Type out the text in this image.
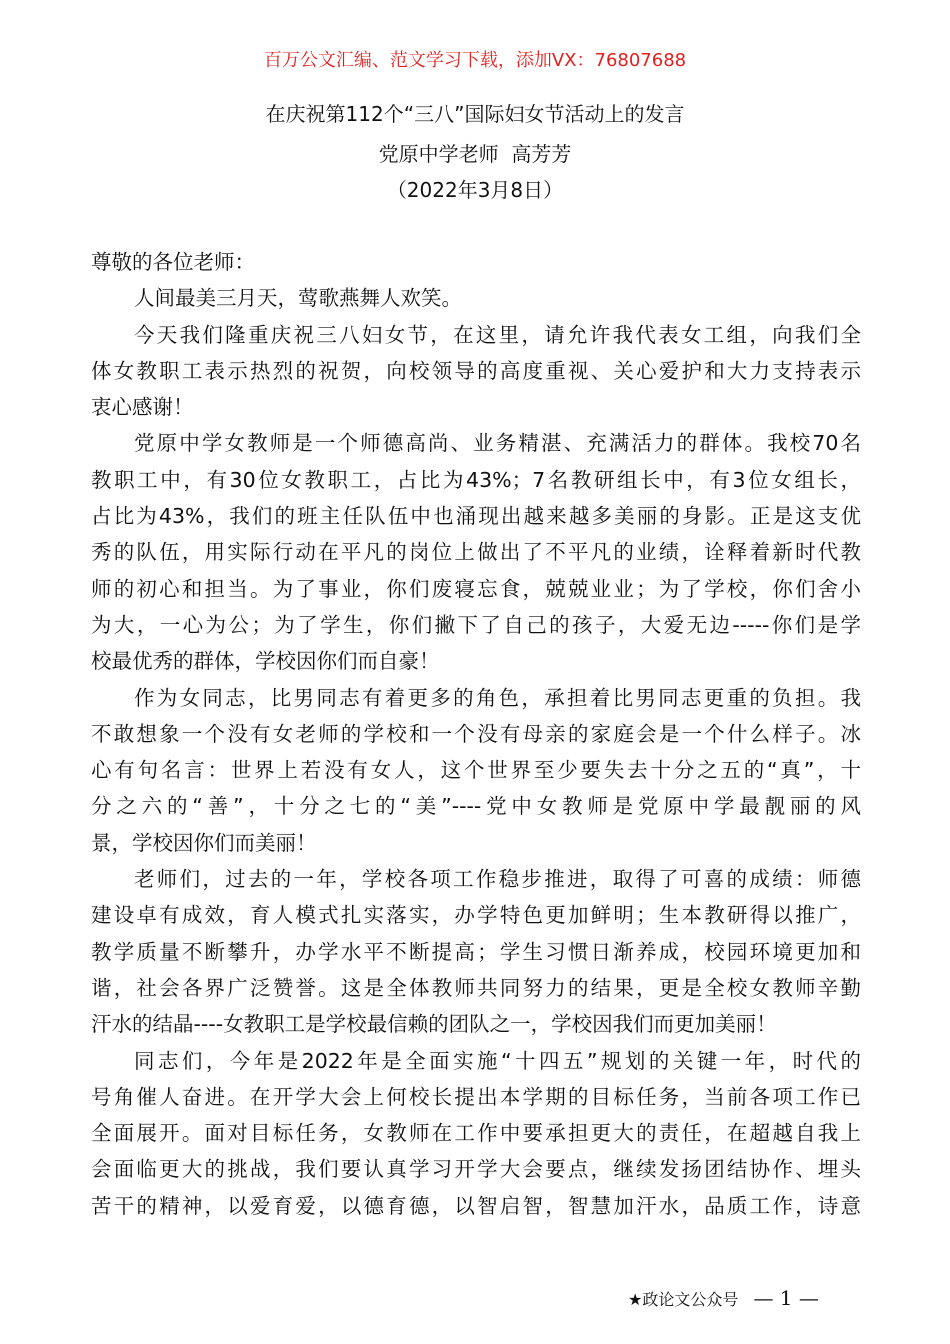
百万公文汇编、范文学习下载，添加VX：76807688
在庆祝第112个“三八”国际妇女节活动上的发言
党原中学老师  高芳芳
（2022年3月8日）
尊敬的各位老师：
人间最美三月天，莺歌燕舞人欢笑。
今天我们隆重庆祝三八妇女节，在这里，请允许我代表女工组，向我们全
体女教职工表示热烈的祝贺，向校领导的高度重视、关心爱护和大力支持表示
衷心感谢！
党原中学女教师是一个师德高尚、业务精湛、充满活力的群体。我校70名
教职工中，有30位女教职工，占比为43%；7名教研组长中，有3位女组长，
占比为43%，我们的班主任队伍中也涌现出越来越多美丽的身影。正是这支优
秀的队伍，用实际行动在平凡的岗位上做出了不平凡的业绩，诠释着新时代教
师的初心和担当。为了事业，你们废寝忘食，兢兢业业；为了学校，你们舍小
为大，一心为公；为了学生，你们撇下了自己的孩子，大爱无边-----你们是学
校最优秀的群体，学校因你们而自豪！
作为女同志，比男同志有着更多的角色，承担着比男同志更重的负担。我
不敢想象一个没有女老师的学校和一个没有母亲的家庭会是一个什么样子。冰
心有句名言：世界上若没有女人，这个世界至少要失去十分之五的“真”，十
分之六的“善”，十分之七的“美”----党中女教师是党原中学最靓丽的风
景，学校因你们而美丽！
老师们，过去的一年，学校各项工作稳步推进，取得了可喜的成绩：师德
建设卓有成效，育人模式扎实落实，办学特色更加鲜明；生本教研得以推广，
教学质量不断攀升，办学水平不断提高；学生习惯日渐养成，校园环境更加和
谐，社会各界广泛赞誉。这是全体教师共同努力的结果，更是全校女教师辛勤
汗水的结晶----女教职工是学校最信赖的团队之一，学校因我们而更加美丽！
同志们，今年是2022年是全面实施“十四五”规划的关键一年，时代的
号角催人奋进。在开学大会上何校长提出本学期的目标任务，当前各项工作已
全面展开。面对目标任务，女教师在工作中要承担更大的责任，在超越自我上
会面临更大的挑战，我们要认真学习开学大会要点，继续发扬团结协作、埋头
苦干的精神，以爱育爱，以德育德，以智启智，智慧加汗水，品质工作，诗意
★政论文公众号 — 1 —
